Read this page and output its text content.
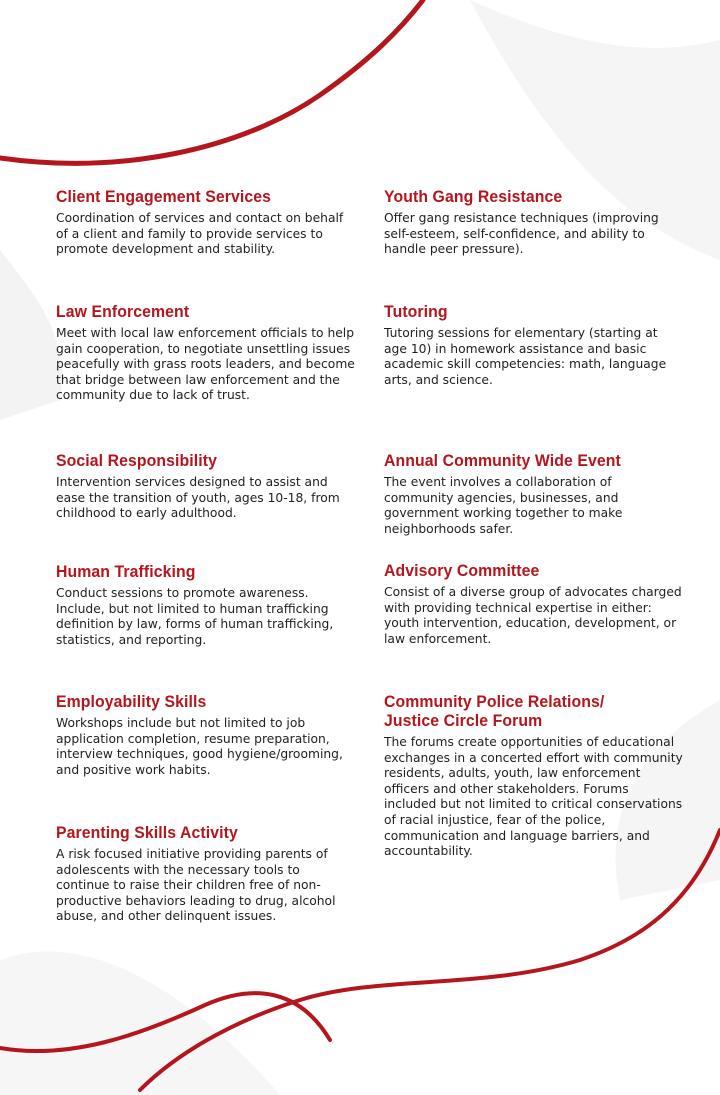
Client Engagement Services

Coordination of services and contact on behalf of a client and family to provide services to promote development and stability.

Youth Gang Resistance

Offer gang resistance techniques (improving self-esteem, self-confidence, and ability to handle peer pressure).

Law Enforcement

Meet with local law enforcement officials to help gain cooperation, to negotiate unsettling issues peacefully with grass roots leaders, and become that bridge between law enforcement and the community due to lack of trust.

Tutoring

Tutoring sessions for elementary (starting at age 10) in homework assistance and basic academic skill competencies: math, language arts, and science.

Social Responsibility

Intervention services designed to assist and ease the transition of youth, ages 10-18, from childhood to early adulthood.

Annual Community Wide Event

The event involves a collaboration of community agencies, businesses, and government working together to make neighborhoods safer.

Human Trafficking

Conduct sessions to promote awareness. Include, but not limited to human trafficking definition by law, forms of human trafficking, statistics, and reporting.

Advisory Committee

Consist of a diverse group of advocates charged with providing technical expertise in either: youth intervention, education, development, or law enforcement.

Employability Skills

Workshops include but not limited to job application completion, resume preparation, interview techniques, good hygiene/grooming, and positive work habits.

Community Police Relations/
Justice Circle Forum

The forums create opportunities of educational exchanges in a concerted effort with community residents, adults, youth, law enforcement officers and other stakeholders. Forums included but not limited to critical conservations of racial injustice, fear of the police, communication and language barriers, and accountability.

Parenting Skills Activity

A risk focused initiative providing parents of adolescents with the necessary tools to continue to raise their children free of non-productive behaviors leading to drug, alcohol abuse, and other delinquent issues.
